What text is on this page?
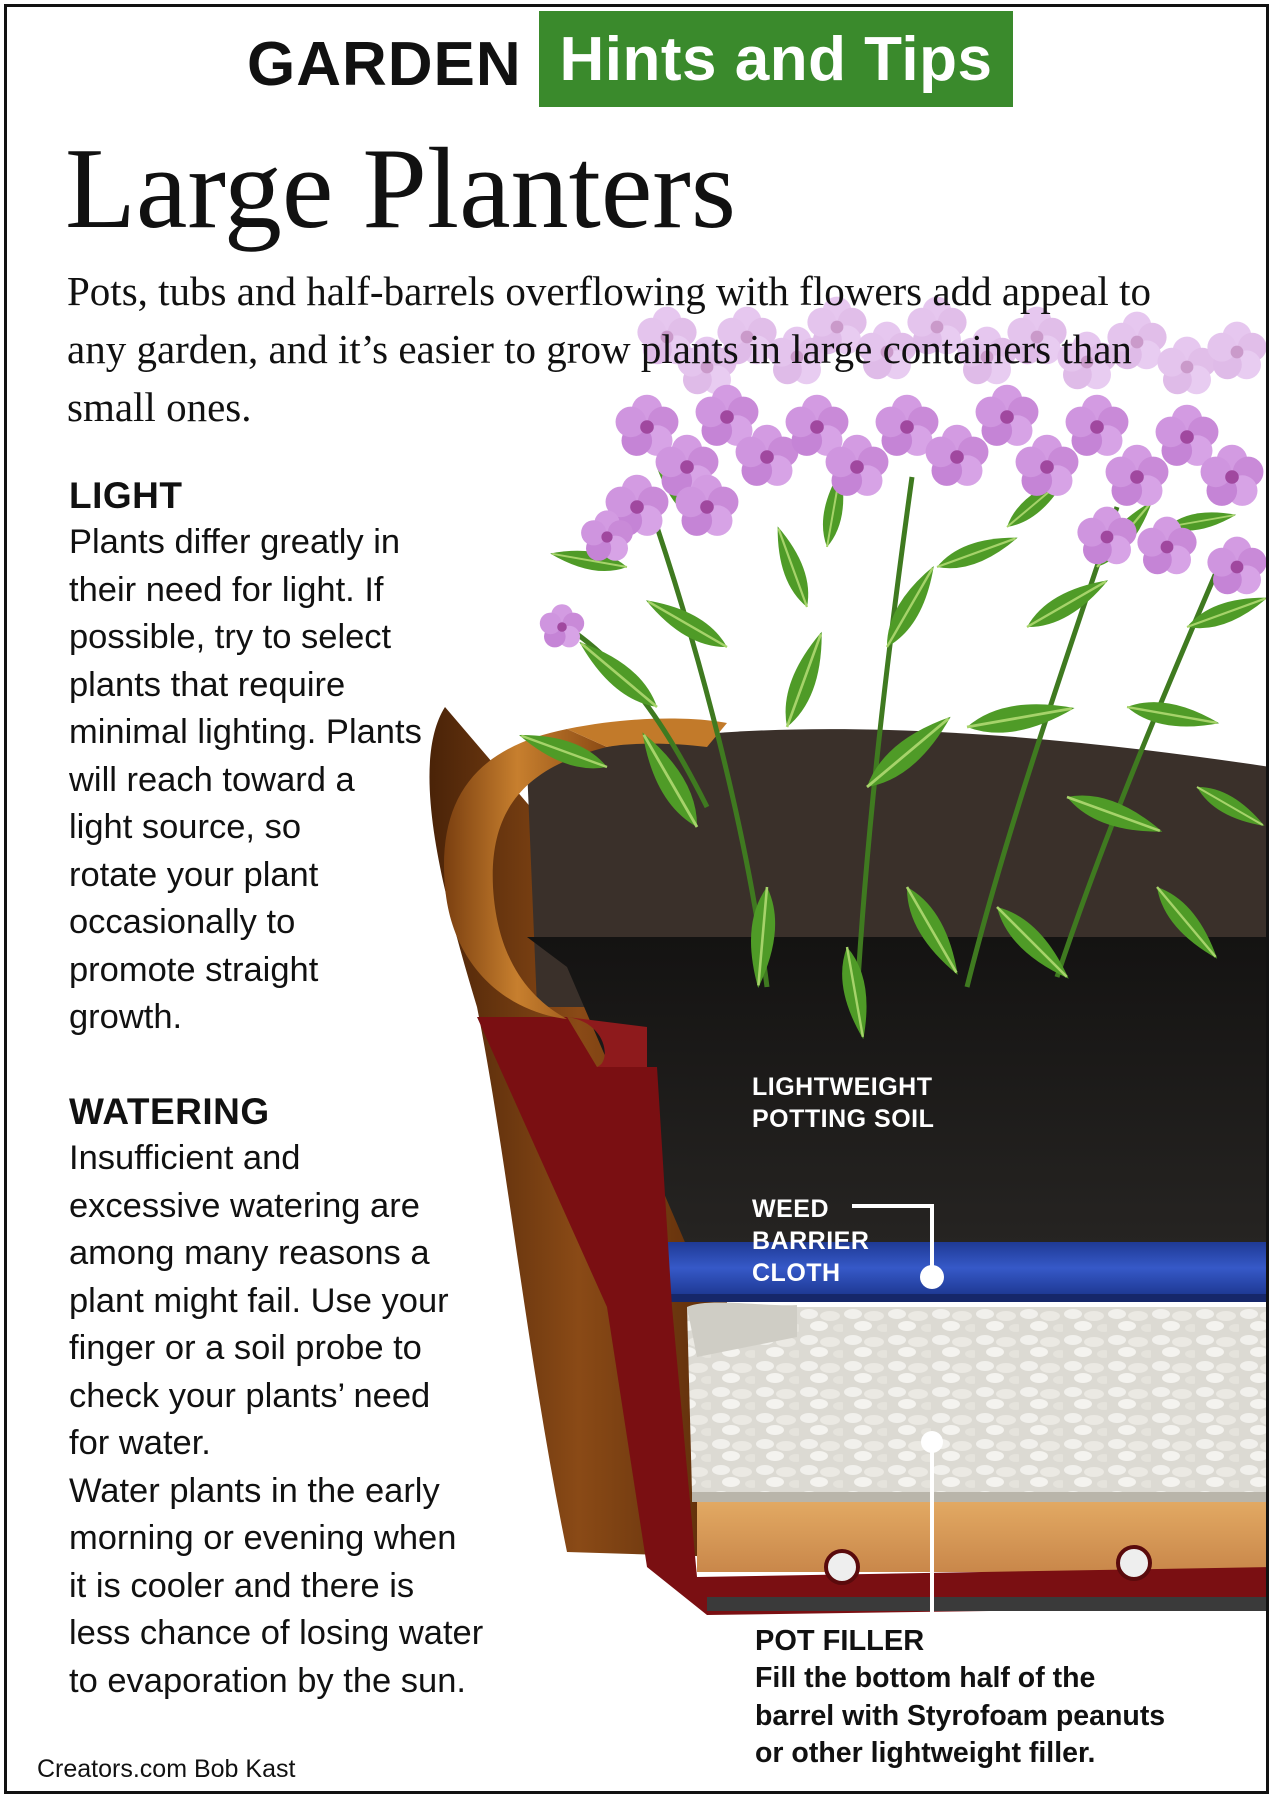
GARDEN Hints and Tips
Large Planters
Pots, tubs and half-barrels overflowing with flowers add appeal to any garden, and it’s easier to grow plants in large containers than small ones.
LIGHT
Plants differ greatly in
their need for light. If
possible, try to select
plants that require
minimal lighting. Plants
will reach toward a
light source, so
rotate your plant
occasionally to
promote straight
growth.
WATERING
Insufficient and
excessive watering are
among many reasons a
plant might fail. Use your
finger or a soil probe to
check your plants’ need
for water.
Water plants in the early
morning or evening when
it is cooler and there is
less chance of losing water
to evaporation by the sun.
LIGHTWEIGHT
POTTING SOIL
WEED
BARRIER
CLOTH
POT FILLER
Fill the bottom half of the
barrel with Styrofoam peanuts
or other lightweight filler.
Creators.com Bob Kast
